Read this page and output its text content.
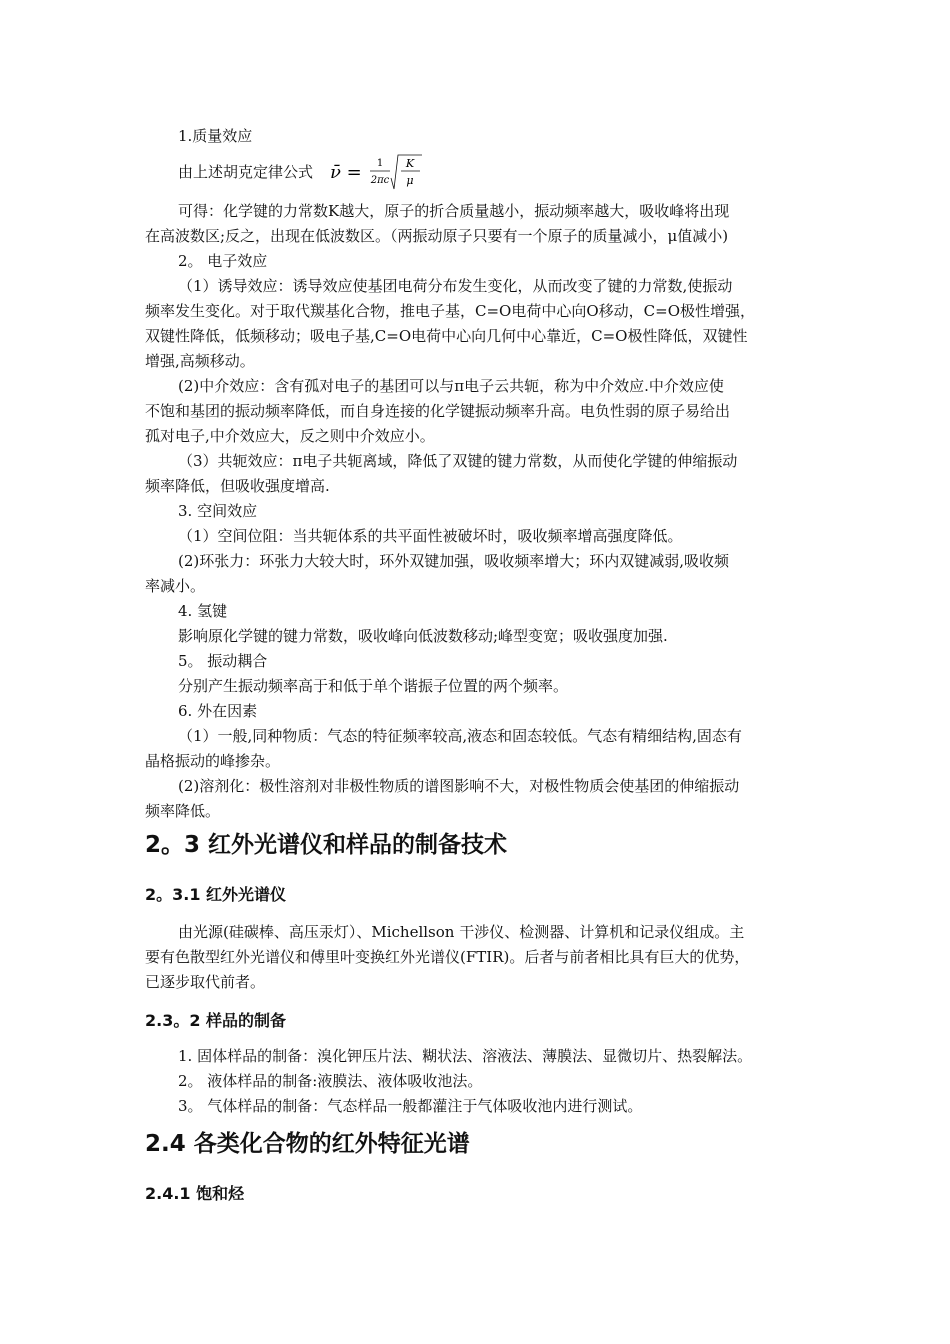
1.质量效应
由上述胡克定律公式 ν̄ = 1
2πc
K
μ
可得：化学键的力常数K越大，原子的折合质量越小，振动频率越大，吸收峰将出现
在高波数区;反之，出现在低波数区。（两振动原子只要有一个原子的质量减小，μ值减小)
2。 电子效应
（1）诱导效应：诱导效应使基团电荷分布发生变化，从而改变了键的力常数,使振动
频率发生变化。对于取代羰基化合物，推电子基，C=O电荷中心向O移动，C=O极性增强，
双键性降低，低频移动；吸电子基,C=O电荷中心向几何中心靠近，C=O极性降低，双键性
增强,高频移动。
(2)中介效应：含有孤对电子的基团可以与π电子云共轭，称为中介效应.中介效应使
不饱和基团的振动频率降低，而自身连接的化学键振动频率升高。电负性弱的原子易给出
孤对电子,中介效应大，反之则中介效应小。
（3）共轭效应：π电子共轭离域，降低了双键的键力常数，从而使化学键的伸缩振动
频率降低，但吸收强度增高.
3. 空间效应
（1）空间位阻：当共轭体系的共平面性被破坏时，吸收频率增高强度降低。
(2)环张力：环张力大较大时，环外双键加强，吸收频率增大；环内双键减弱,吸收频
率减小。
4. 氢键
影响原化学键的键力常数，吸收峰向低波数移动;峰型变宽；吸收强度加强.
5。 振动耦合
分别产生振动频率高于和低于单个谐振子位置的两个频率。
6. 外在因素
（1）一般,同种物质：气态的特征频率较高,液态和固态较低。气态有精细结构,固态有
晶格振动的峰掺杂。
(2)溶剂化：极性溶剂对非极性物质的谱图影响不大，对极性物质会使基团的伸缩振动
频率降低。
2。3 红外光谱仪和样品的制备技术
2。3.1 红外光谱仪
由光源(硅碳棒、高压汞灯）、Michellson 干涉仪、检测器、计算机和记录仪组成。主
要有色散型红外光谱仪和傅里叶变换红外光谱仪(FTIR)。后者与前者相比具有巨大的优势，
已逐步取代前者。
2.3。2 样品的制备
1. 固体样品的制备：溴化钾压片法、糊状法、溶液法、薄膜法、显微切片、热裂解法。
2。 液体样品的制备:液膜法、液体吸收池法。
3。 气体样品的制备：气态样品一般都灌注于气体吸收池内进行测试。
2.4 各类化合物的红外特征光谱
2.4.1 饱和烃
